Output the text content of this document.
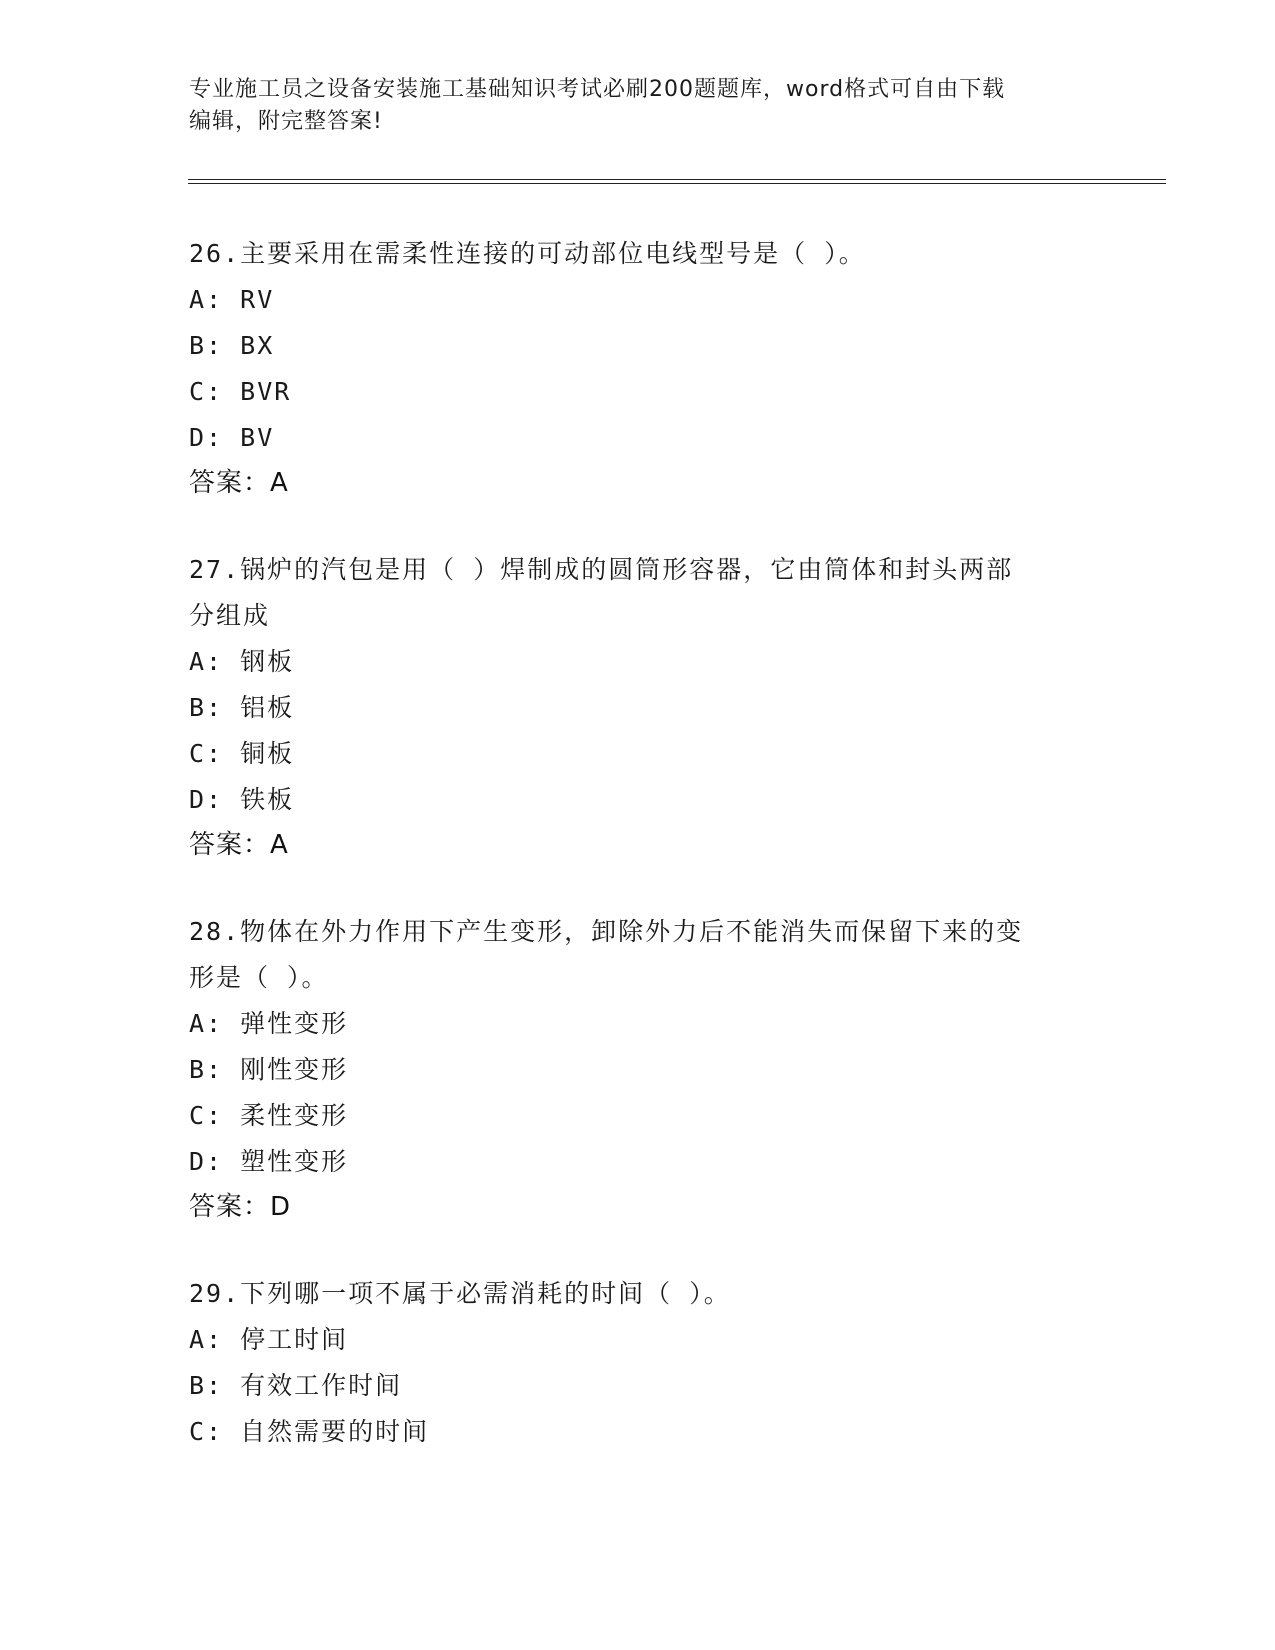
专业施工员之设备安装施工基础知识考试必刷200题题库，word格式可自由下载
编辑，附完整答案!

26.主要采用在需柔性连接的可动部位电线型号是（ ）。

A: RV

B: BX

C: BVR

D: BV

答案：A

27.锅炉的汽包是用（ ）焊制成的圆筒形容器，它由筒体和封头两部

分组成

A: 钢板

B: 铝板

C: 铜板

D: 铁板

答案：A

28.物体在外力作用下产生变形，卸除外力后不能消失而保留下来的变

形是（ ）。

A: 弹性变形

B: 刚性变形

C: 柔性变形

D: 塑性变形

答案：D

29.下列哪一项不属于必需消耗的时间（ ）。

A: 停工时间

B: 有效工作时间

C: 自然需要的时间
